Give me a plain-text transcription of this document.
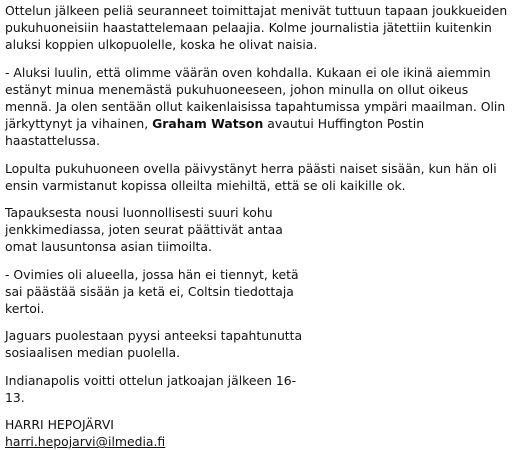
Ottelun jälkeen peliä seuranneet toimittajat menivät tuttuun tapaan joukkueiden pukuhuoneisiin haastattelemaan pelaajia. Kolme journalistia jätettiin kuitenkin aluksi koppien ulkopuolelle, koska he olivat naisia.

- Aluksi luulin, että olimme väärän oven kohdalla. Kukaan ei ole ikinä aiemmin estänyt minua menemästä pukuhuoneeseen, johon minulla on ollut oikeus mennä. Ja olen sentään ollut kaikenlaisissa tapahtumissa ympäri maailman. Olin järkyttynyt ja vihainen, Graham Watson avautui Huffington Postin haastattelussa.

Lopulta pukuhuoneen ovella päivystänyt herra päästi naiset sisään, kun hän oli ensin varmistanut kopissa olleilta miehiltä, että se oli kaikille ok.

Tapauksesta nousi luonnollisesti suuri kohu jenkkimediassa, joten seurat päättivät antaa omat lausuntonsa asian tiimoilta.

- Ovimies oli alueella, jossa hän ei tiennyt, ketä sai päästää sisään ja ketä ei, Coltsin tiedottaja kertoi.

Jaguars puolestaan pyysi anteeksi tapahtunutta sosiaalisen median puolella.

Indianapolis voitti ottelun jatkoajan jälkeen 16-13.

HARRI HEPOJÄRVI

harri.hepojarvi@ilmedia.fi
